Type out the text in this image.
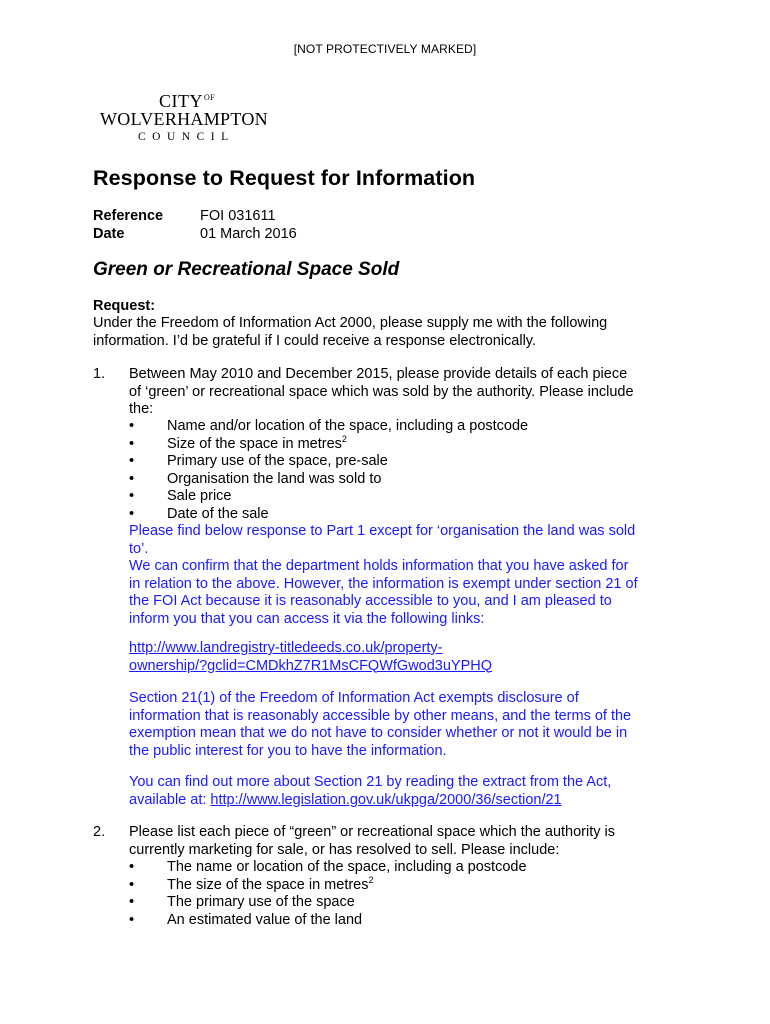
[NOT PROTECTIVELY MARKED]
$CITY^{OF}$
WOLVERHAMPTON
COUNCIL
Response to Request for Information
Reference	FOI 031611
Date	01 March 2016
Green or Recreational Space Sold
Request:
Under the Freedom of Information Act 2000, please supply me with the following
information. I’d be grateful if I could receive a response electronically.
1. Between May 2010 and December 2015, please provide details of each piece
of ‘green’ or recreational space which was sold by the authority. Please include
the:
• Name and/or location of the space, including a postcode
• Size of the space in metres$^2$
• Primary use of the space, pre-sale
• Organisation the land was sold to
• Sale price
• Date of the sale
Please find below response to Part 1 except for ‘organisation the land was sold
to’.
We can confirm that the department holds information that you have asked for
in relation to the above. However, the information is exempt under section 21 of
the FOI Act because it is reasonably accessible to you, and I am pleased to
inform you that you can access it via the following links:
http://www.landregistry-titledeeds.co.uk/property-
ownership/?gclid=CMDkhZ7R1MsCFQWfGwod3uYPHQ
Section 21(1) of the Freedom of Information Act exempts disclosure of
information that is reasonably accessible by other means, and the terms of the
exemption mean that we do not have to consider whether or not it would be in
the public interest for you to have the information.
You can find out more about Section 21 by reading the extract from the Act,
available at: http://www.legislation.gov.uk/ukpga/2000/36/section/21
2. Please list each piece of “green” or recreational space which the authority is
currently marketing for sale, or has resolved to sell. Please include:
• The name or location of the space, including a postcode
• The size of the space in metres$^2$
• The primary use of the space
• An estimated value of the land
